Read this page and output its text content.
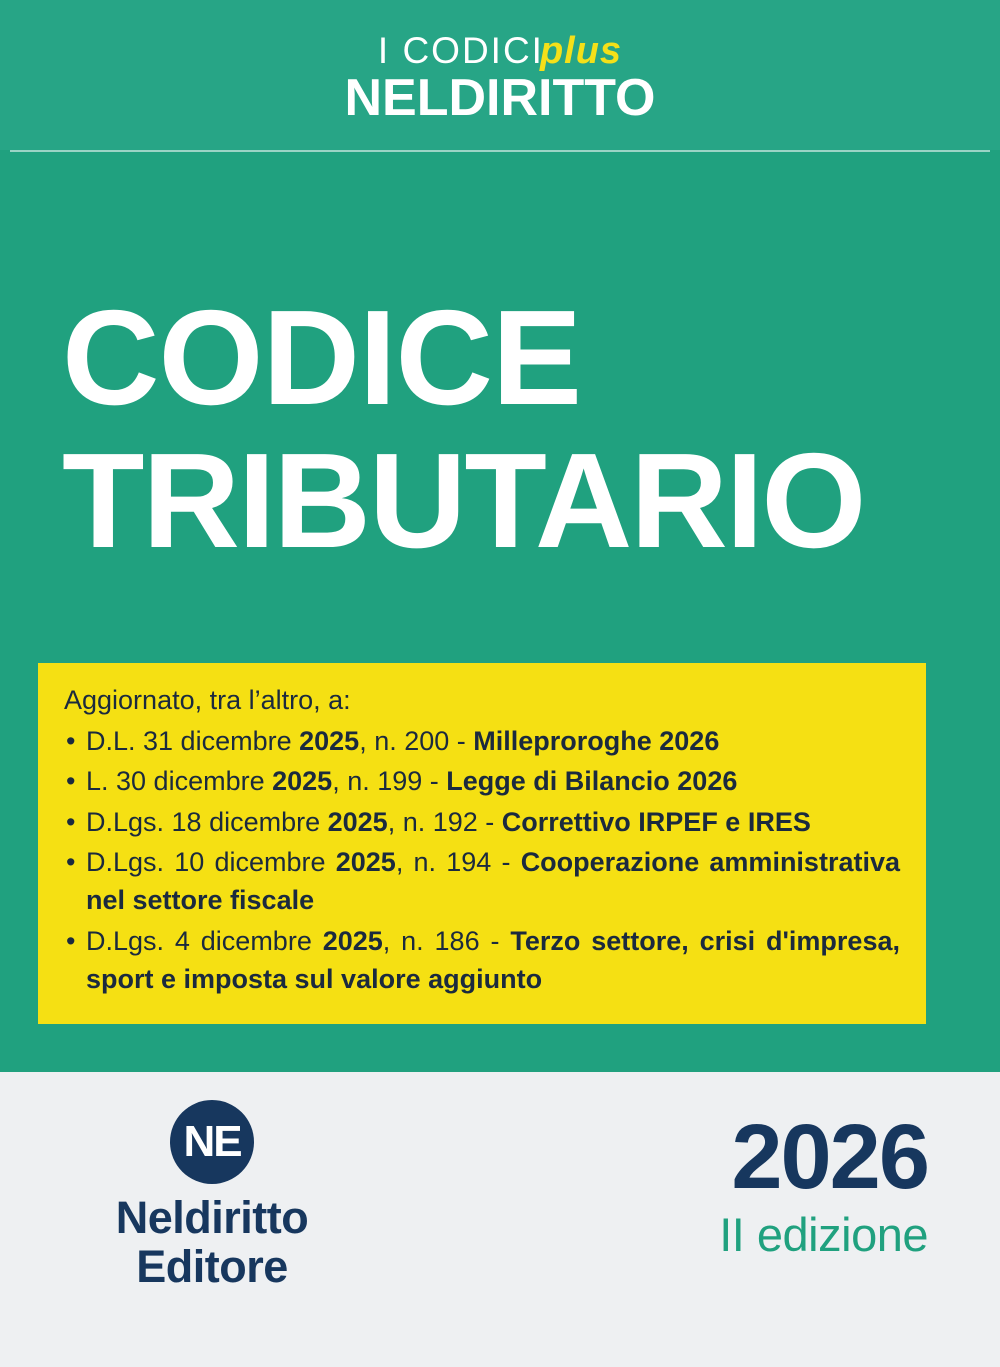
I CODICIplus
NELDIRITTO
CODICE
TRIBUTARIO
Aggiornato, tra l’altro, a:
• D.L. 31 dicembre 2025, n. 200 - Milleproroghe 2026
• L. 30 dicembre 2025, n. 199 - Legge di Bilancio 2026
• D.Lgs. 18 dicembre 2025, n. 192 - Correttivo IRPEF e IRES
• D.Lgs. 10 dicembre 2025, n. 194 - Cooperazione amministrativa nel settore fiscale
• D.Lgs. 4 dicembre 2025, n. 186 - Terzo settore, crisi d'impresa, sport e imposta sul valore aggiunto
NE
Neldiritto
Editore
2026
II edizione
